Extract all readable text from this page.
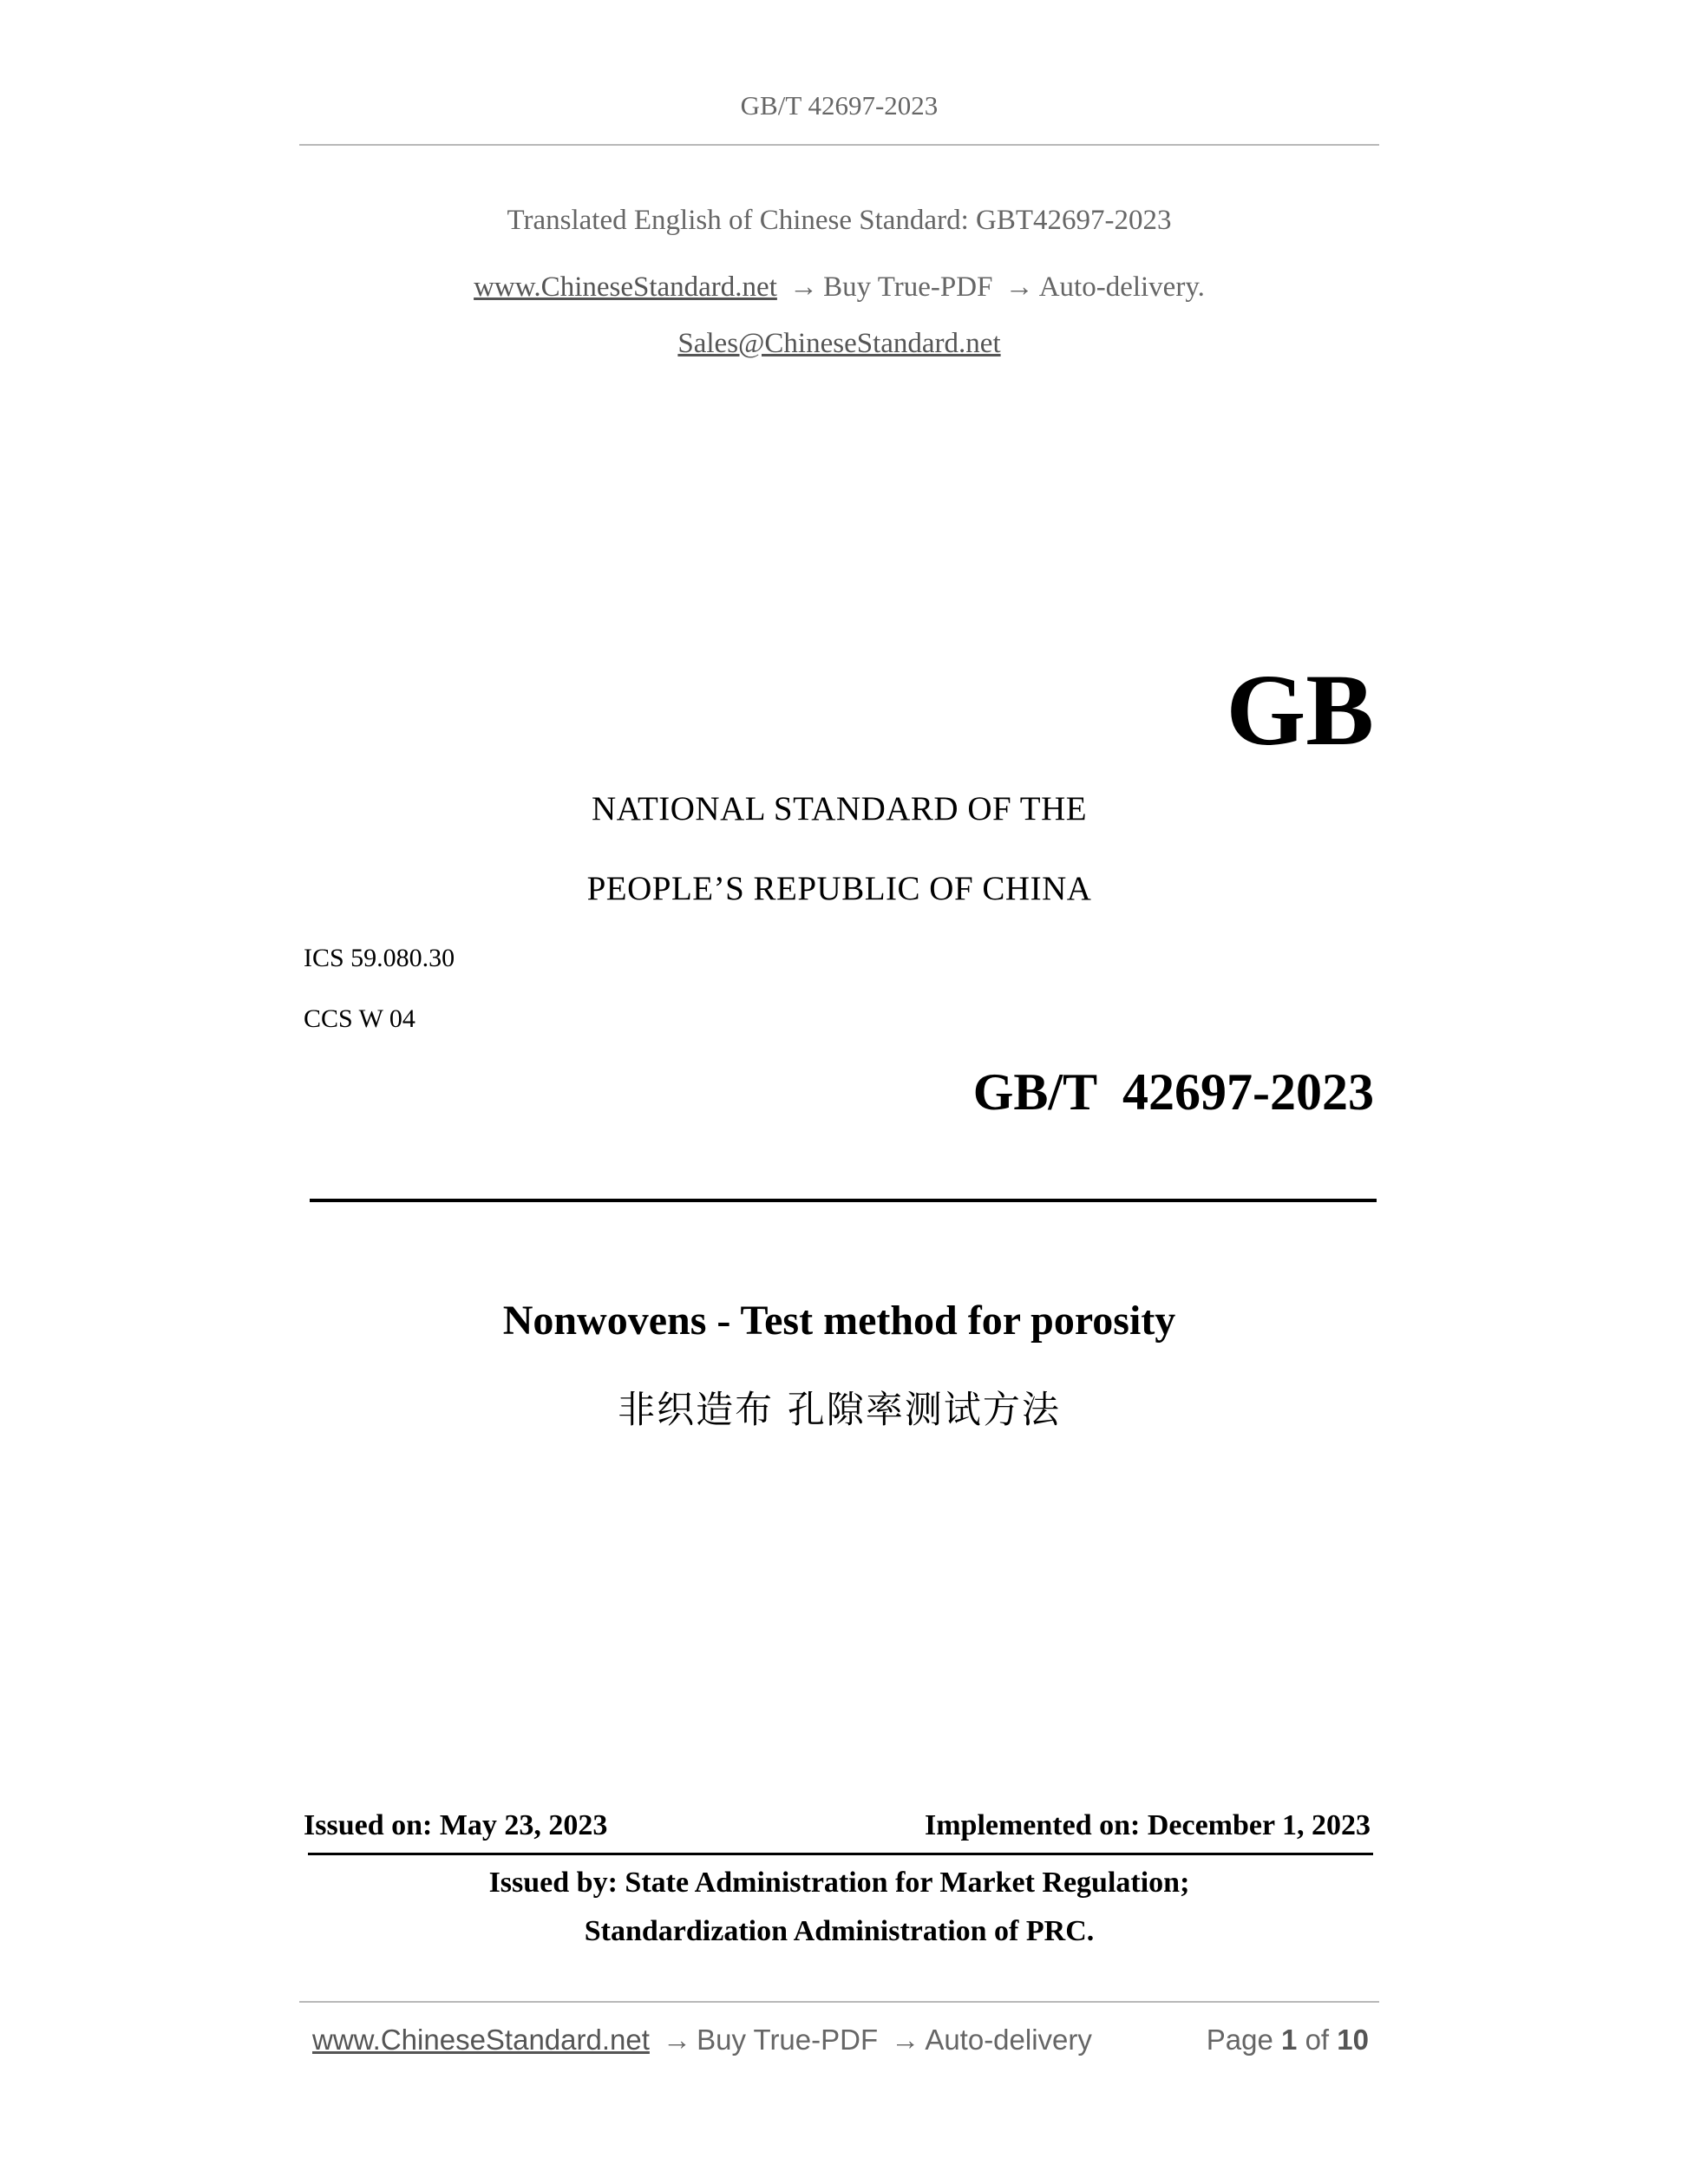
GB/T 42697-2023
Translated English of Chinese Standard: GBT42697-2023
www.ChineseStandard.net → Buy True-PDF → Auto-delivery.
Sales@ChineseStandard.net
GB
NATIONAL STANDARD OF THE
PEOPLE’S REPUBLIC OF CHINA
ICS 59.080.30
CCS W 04
GB/T  42697-2023
Nonwovens - Test method for porosity
非织造布 孔隙率测试方法
Issued on: May 23, 2023	Implemented on: December 1, 2023
Issued by: State Administration for Market Regulation;
Standardization Administration of PRC.
www.ChineseStandard.net → Buy True-PDF → Auto-delivery	Page 1 of 10
